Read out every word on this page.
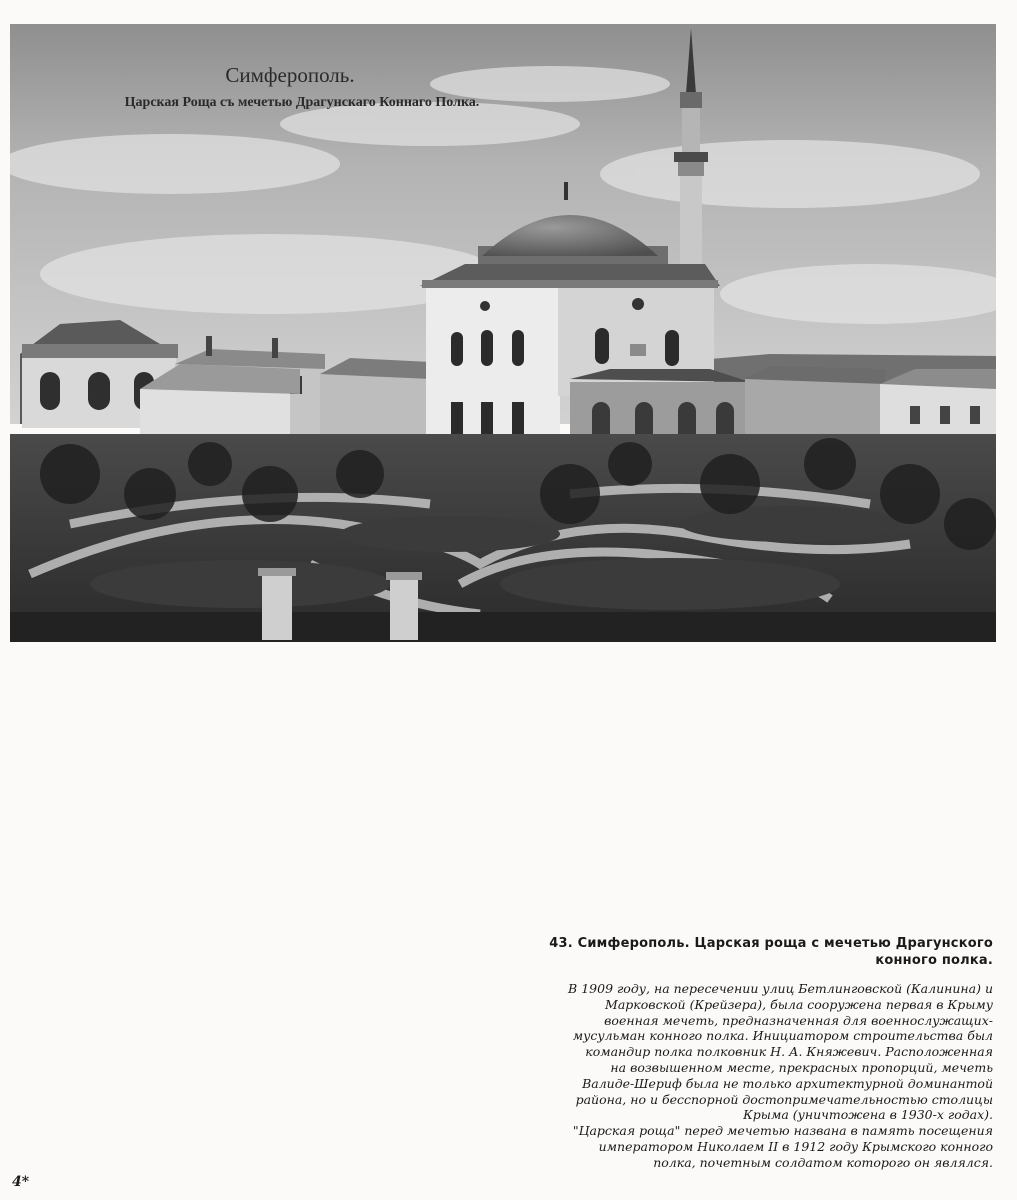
Симферополь.
Царская Роща съ мечетью Драгунскаго Коннаго Полка.
43. Симферополь. Царская роща с мечетью Драгунского
конного полка.
В 1909 году, на пересечении улиц Бетлинговской (Калинина) и
Марковской (Крейзера), была сооружена первая в Крыму
военная мечеть, предназначенная для военнослужащих-
мусульман конного полка. Инициатором строительства был
командир полка полковник Н. А. Княжевич. Расположенная
на возвышенном месте, прекрасных пропорций, мечеть
Валиде-Шериф была не только архитектурной доминантой
района, но и бесспорной достопримечательностью столицы
Крыма (уничтожена в 1930-х годах).
"Царская роща" перед мечетью названа в память посещения
императором Николаем II в 1912 году Крымского конного
полка, почетным солдатом которого он являлся.
4*
